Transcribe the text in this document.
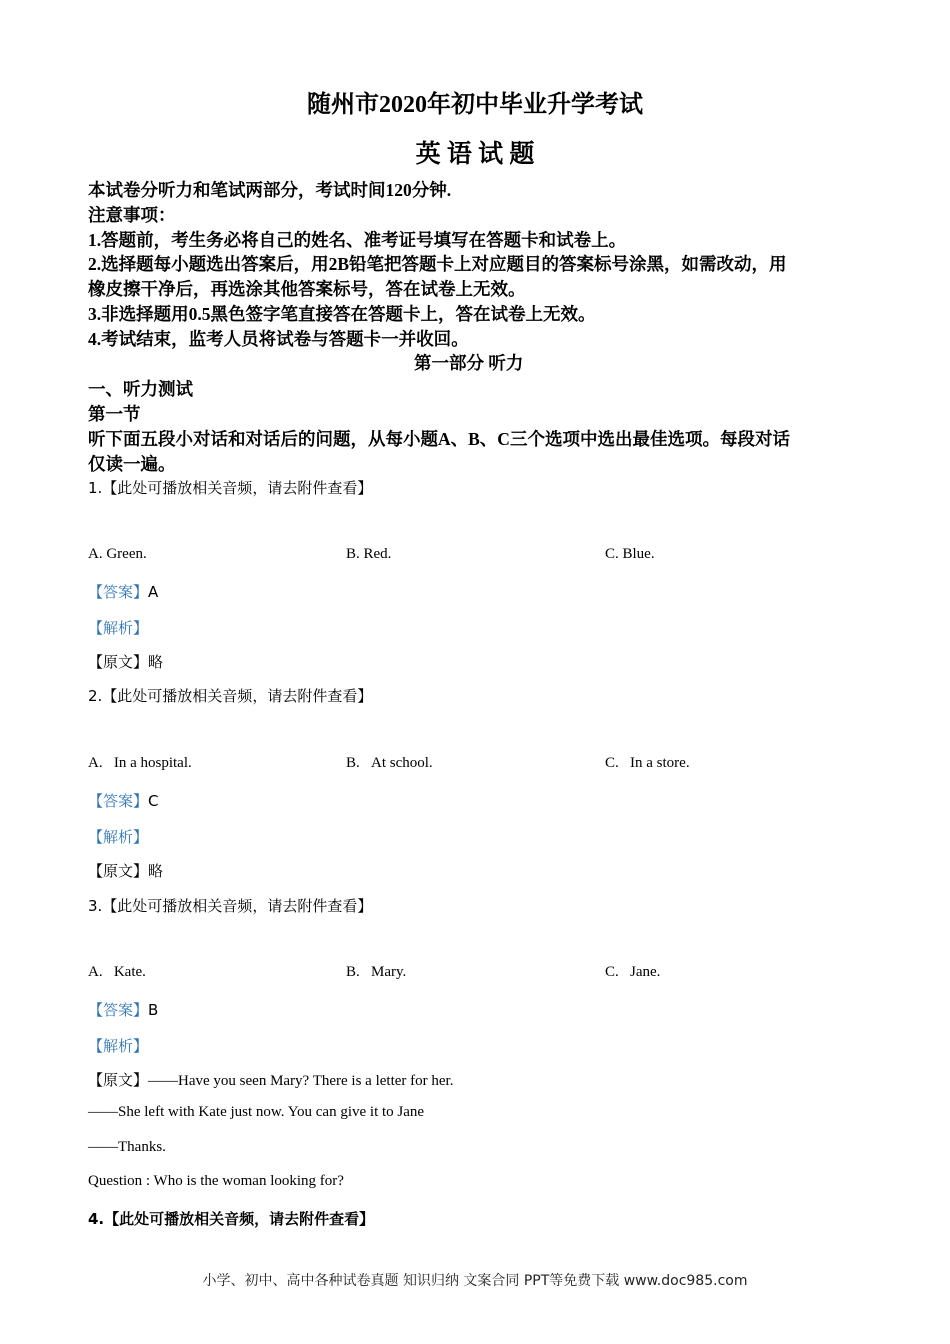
随州市2020年初中毕业升学考试
英 语 试 题
本试卷分听力和笔试两部分，考试时间120分钟.
注意事项：
1.答题前，考生务必将自己的姓名、准考证号填写在答题卡和试卷上。
2.选择题每小题选出答案后，用2B铅笔把答题卡上对应题目的答案标号涂黑，如需改动，用
橡皮擦干净后，再选涂其他答案标号，答在试卷上无效。
3.非选择题用0.5黑色签字笔直接答在答题卡上，答在试卷上无效。
4.考试结束，监考人员将试卷与答题卡一并收回。
第一部分 听力
一、听力测试
第一节
听下面五段小对话和对话后的问题，从每小题A、B、C三个选项中选出最佳选项。每段对话
仅读一遍。
1.【此处可播放相关音频，请去附件查看】
A. Green.	B. Red.	C. Blue.
【答案】A
【解析】
【原文】略
2.【此处可播放相关音频，请去附件查看】
A. In a hospital.	B. At school.	C. In a store.
【答案】C
【解析】
【原文】略
3.【此处可播放相关音频，请去附件查看】
A. Kate.	B. Mary.	C. Jane.
【答案】B
【解析】
【原文】——Have you seen Mary? There is a letter for her.
——She left with Kate just now. You can give it to Jane
——Thanks.
Question : Who is the woman looking for?
4.【此处可播放相关音频，请去附件查看】
小学、初中、高中各种试卷真题 知识归纳 文案合同 PPT等免费下载 www.doc985.com
